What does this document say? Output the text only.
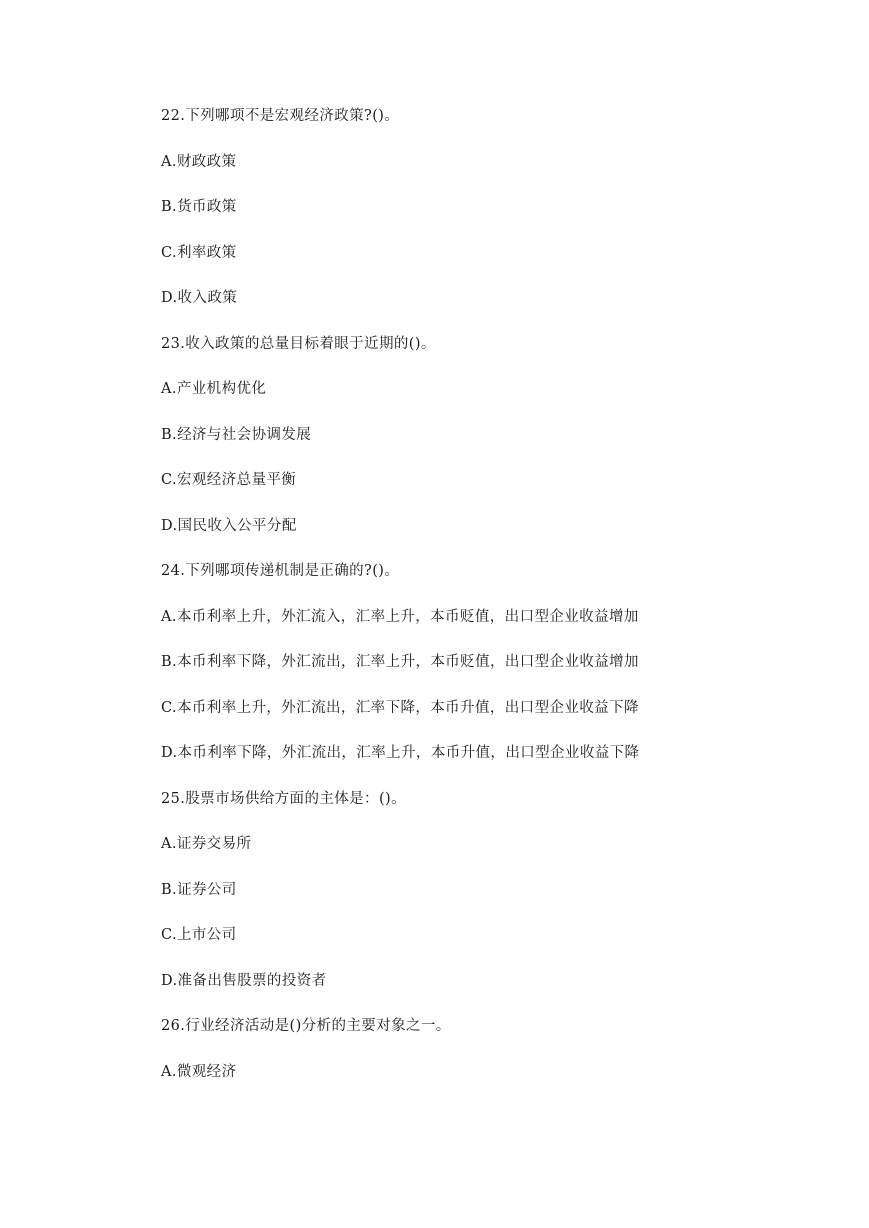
22.下列哪项不是宏观经济政策?()。
A.财政政策
B.货币政策
C.利率政策
D.收入政策
23.收入政策的总量目标着眼于近期的()。
A.产业机构优化
B.经济与社会协调发展
C.宏观经济总量平衡
D.国民收入公平分配
24.下列哪项传递机制是正确的?()。
A.本币利率上升，外汇流入，汇率上升，本币贬值，出口型企业收益增加
B.本币利率下降，外汇流出，汇率上升，本币贬值，出口型企业收益增加
C.本币利率上升，外汇流出，汇率下降，本币升值，出口型企业收益下降
D.本币利率下降，外汇流出，汇率上升，本币升值，出口型企业收益下降
25.股票市场供给方面的主体是：()。
A.证券交易所
B.证券公司
C.上市公司
D.准备出售股票的投资者
26.行业经济活动是()分析的主要对象之一。
A.微观经济
